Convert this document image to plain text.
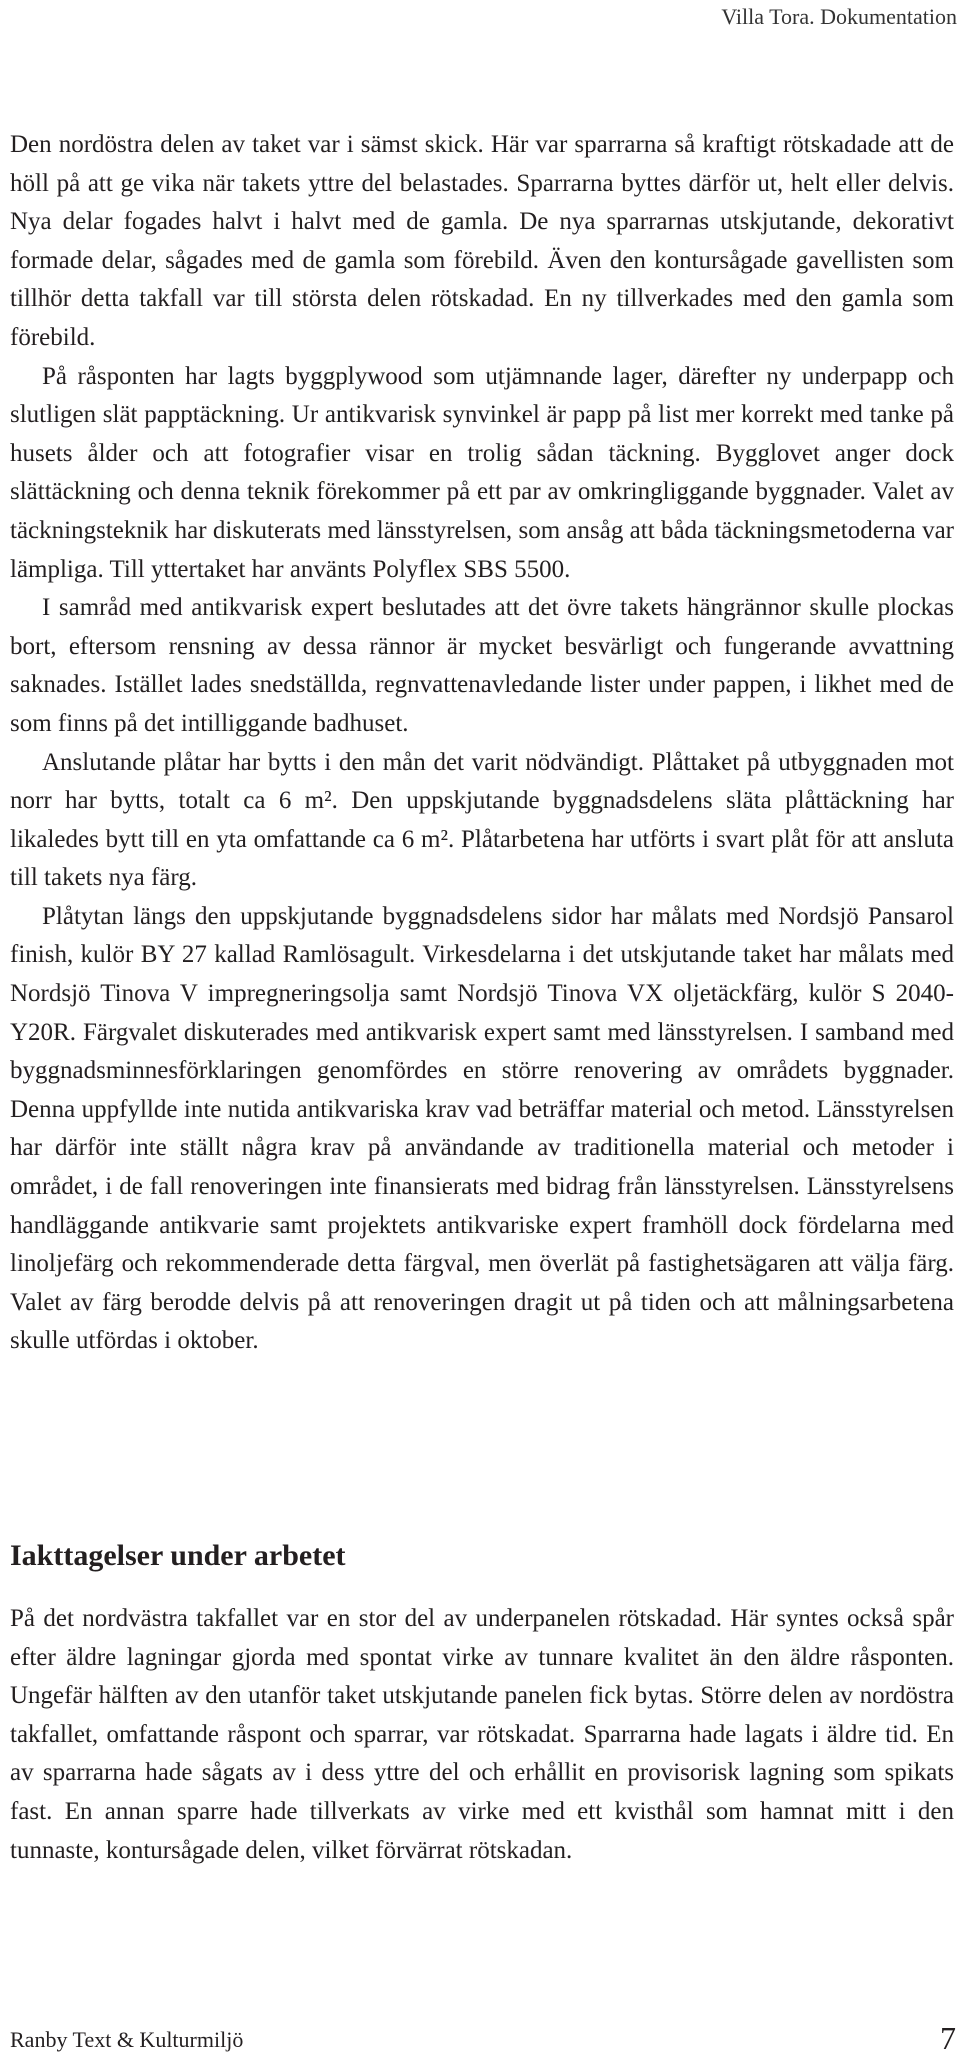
Villa Tora. Dokumentation

Den nordöstra delen av taket var i sämst skick. Här var sparrarna så kraftigt rötskadade att de höll på att ge vika när takets yttre del belastades. Sparrarna byttes därför ut, helt eller delvis. Nya delar fogades halvt i halvt med de gamla. De nya sparrarnas utskjutande, dekorativt formade delar, sågades med de gamla som förebild. Även den kontursågade gavellisten som tillhör detta takfall var till största delen rötskadad. En ny tillverkades med den gamla som förebild.

På råsponten har lagts byggplywood som utjämnande lager, därefter ny underpapp och slutligen slät papptäckning. Ur antikvarisk synvinkel är papp på list mer korrekt med tanke på husets ålder och att fotografier visar en trolig sådan täckning. Bygglovet anger dock slättäckning och denna teknik förekommer på ett par av omkringliggande byggnader. Valet av täckningsteknik har diskuterats med länsstyrelsen, som ansåg att båda täckningsmetoderna var lämpliga. Till yttertaket har använts Polyflex SBS 5500.

I samråd med antikvarisk expert beslutades att det övre takets hängrännor skulle plockas bort, eftersom rensning av dessa rännor är mycket besvärligt och fungerande avvattning saknades. Istället lades snedställda, regnvattenavledande lister under pappen, i likhet med de som finns på det intilliggande badhuset.

Anslutande plåtar har bytts i den mån det varit nödvändigt. Plåttaket på utbyggnaden mot norr har bytts, totalt ca 6 m². Den uppskjutande byggnadsdelens släta plåttäckning har likaledes bytt till en yta omfattande ca 6 m². Plåtarbetena har utförts i svart plåt för att ansluta till takets nya färg.

Plåtytan längs den uppskjutande byggnadsdelens sidor har målats med Nordsjö Pansarol finish, kulör BY 27 kallad Ramlösagult. Virkesdelarna i det utskjutande taket har målats med Nordsjö Tinova V impregneringsolja samt Nordsjö Tinova VX oljetäckfärg, kulör S 2040-Y20R. Färgvalet diskuterades med antikvarisk expert samt med länsstyrelsen. I samband med byggnadsminnesförklaringen genomfördes en större renovering av områdets byggnader. Denna uppfyllde inte nutida antikvariska krav vad beträffar material och metod. Länsstyrelsen har därför inte ställt några krav på användande av traditionella material och metoder i området, i de fall renoveringen inte finansierats med bidrag från länsstyrelsen. Länsstyrelsens handläggande antikvarie samt projektets antikvariske expert framhöll dock fördelarna med linoljefärg och rekommenderade detta färgval, men överlät på fastighetsägaren att välja färg. Valet av färg berodde delvis på att renoveringen dragit ut på tiden och att målningsarbetena skulle utfördas i oktober.

Iakttagelser under arbetet

På det nordvästra takfallet var en stor del av underpanelen rötskadad. Här syntes också spår efter äldre lagningar gjorda med spontat virke av tunnare kvalitet än den äldre råsponten. Ungefär hälften av den utanför taket utskjutande panelen fick bytas. Större delen av nordöstra takfallet, omfattande råspont och sparrar, var rötskadat. Sparrarna hade lagats i äldre tid. En av sparrarna hade sågats av i dess yttre del och erhållit en provisorisk lagning som spikats fast. En annan sparre hade tillverkats av virke med ett kvisthål som hamnat mitt i den tunnaste, kontursågade delen, vilket förvärrat rötskadan.

Ranby Text & Kulturmiljö	7
